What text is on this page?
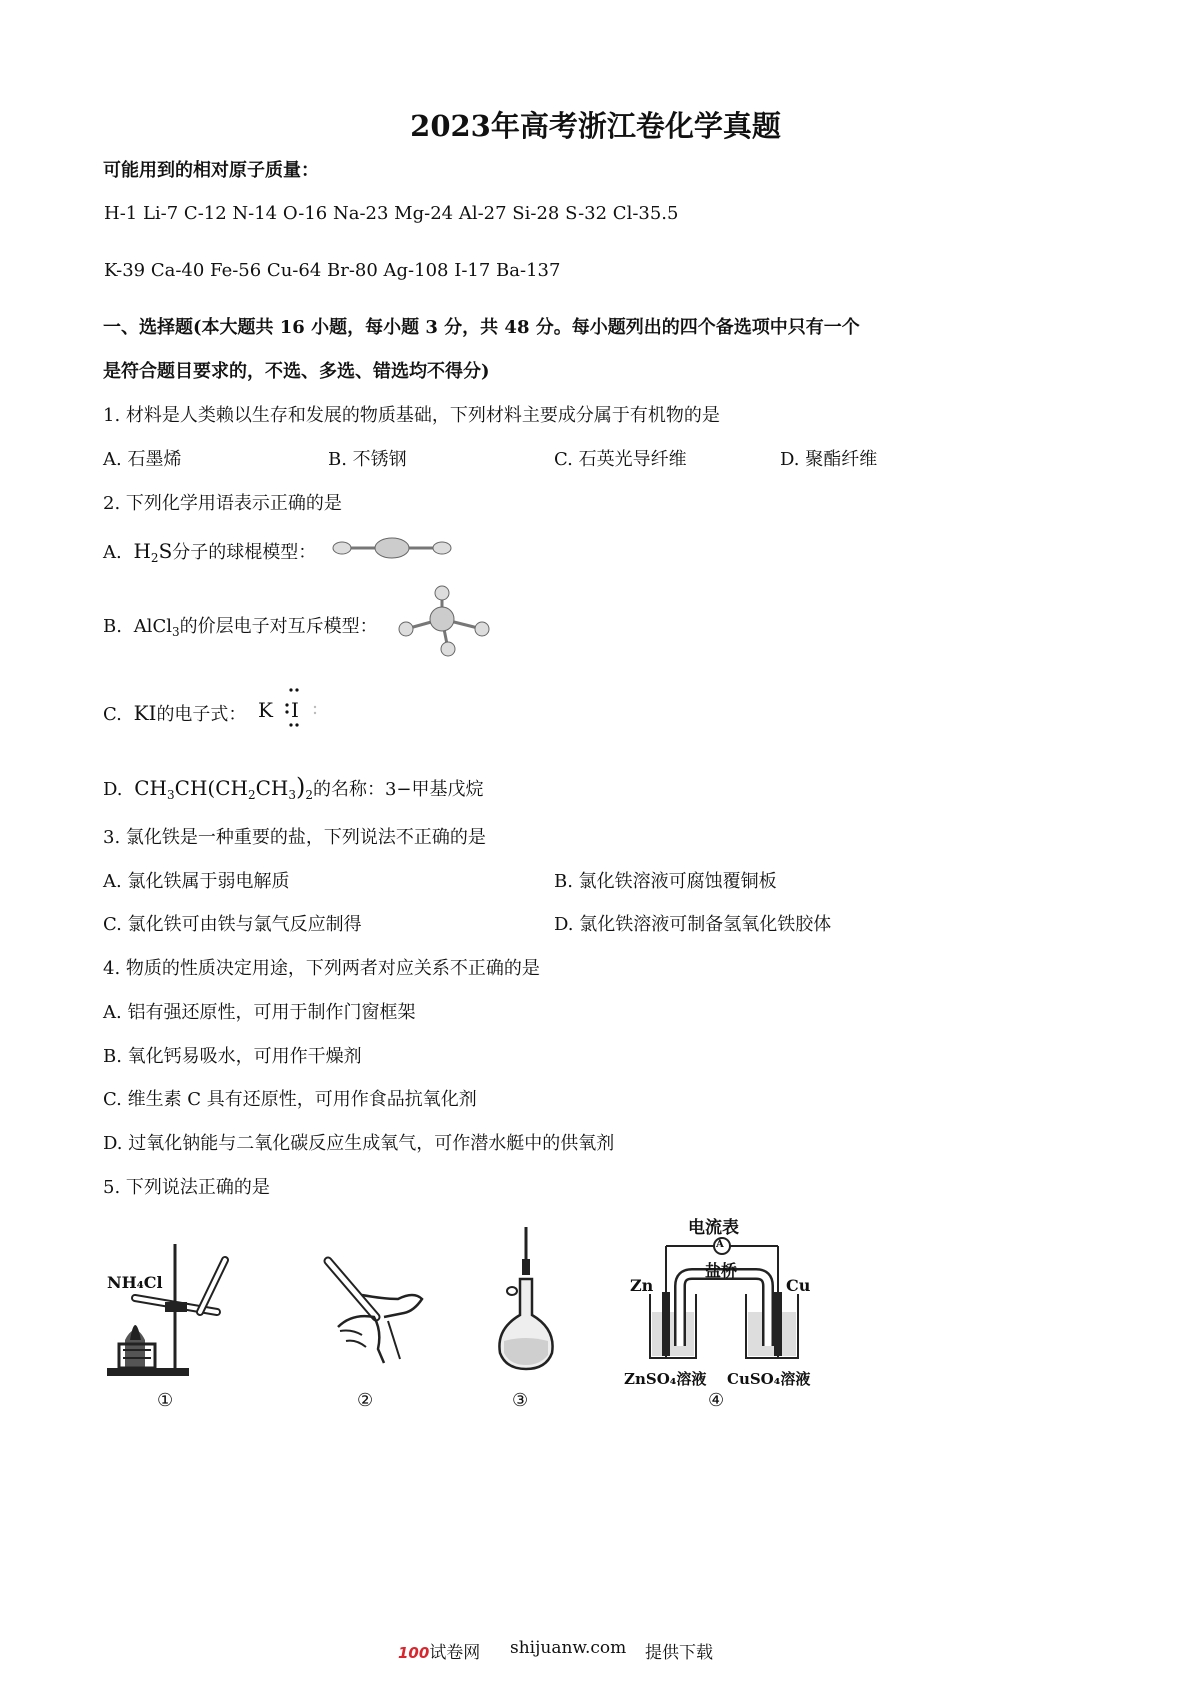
2023年高考浙江卷化学真题
可能用到的相对原子质量：
H-1 Li-7 C-12 N-14 O-16 Na-23 Mg-24 Al-27 Si-28 S-32 Cl-35.5
K-39 Ca-40 Fe-56 Cu-64 Br-80 Ag-108 I-17 Ba-137
一、选择题(本大题共 16 小题，每小题 3 分，共 48 分。每小题列出的四个备选项中只有一个
是符合题目要求的，不选、多选、错选均不得分)
1. 材料是人类赖以生存和发展的物质基础，下列材料主要成分属于有机物的是
A. 石墨烯	B. 不锈钢	C. 石英光导纤维	D. 聚酯纤维
2. 下列化学用语表示正确的是
A. $H_2S$分子的球棍模型：
B. AlCl$_3$的价层电子对互斥模型：
C. KI的电子式： K I
D. $CH_3CH(CH_2CH_3)_2$的名称：3−甲基戊烷
3. 氯化铁是一种重要的盐，下列说法不正确的是
A. 氯化铁属于弱电解质	B. 氯化铁溶液可腐蚀覆铜板
C. 氯化铁可由铁与氯气反应制得	D. 氯化铁溶液可制备氢氧化铁胶体
4. 物质的性质决定用途，下列两者对应关系不正确的是
A. 铝有强还原性，可用于制作门窗框架
B. 氧化钙易吸水，可用作干燥剂
C. 维生素 C 具有还原性，可用作食品抗氧化剂
D. 过氧化钠能与二氧化碳反应生成氧气，可作潜水艇中的供氧剂
5. 下列说法正确的是
NH₄Cl
①	②	③
电流表
A
盐桥
Zn	Cu
ZnSO₄溶液 CuSO₄溶液
④
100试卷网 shijuanw.com 提供下载
